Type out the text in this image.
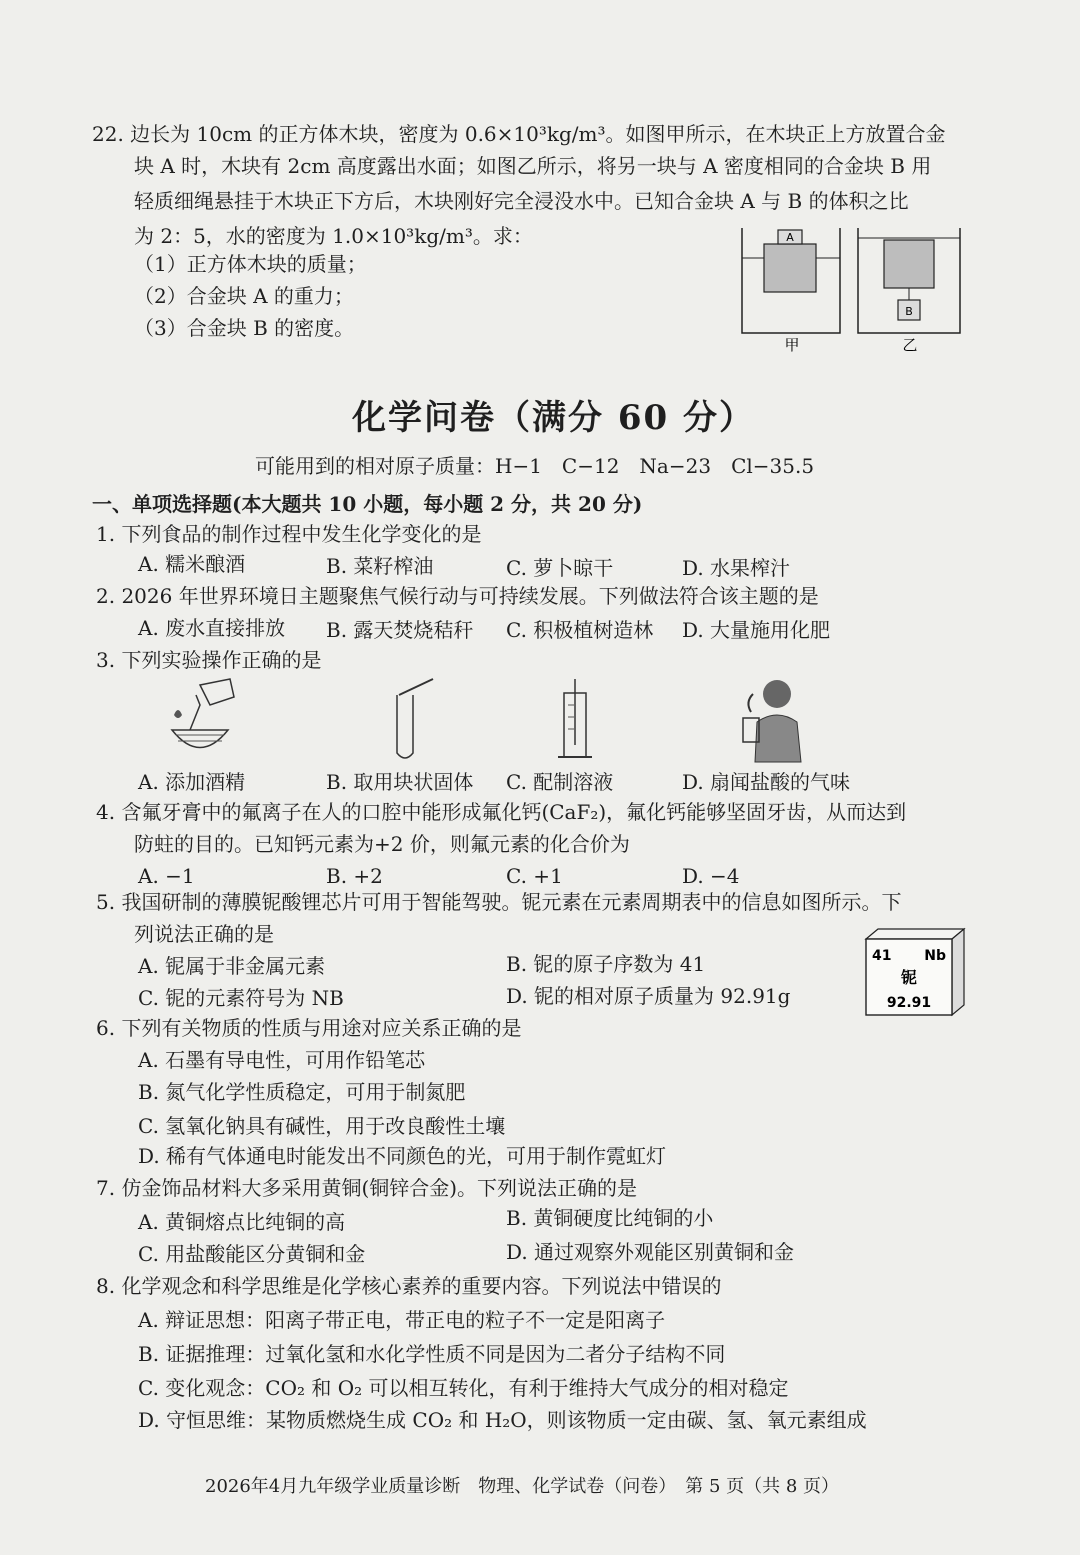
22. 边长为 10cm 的正方体木块，密度为 0.6×10³kg/m³。如图甲所示，在木块正上方放置合金
块 A 时，木块有 2cm 高度露出水面；如图乙所示，将另一块与 A 密度相同的合金块 B 用
轻质细绳悬挂于木块正下方后，木块刚好完全浸没水中。已知合金块 A 与 B 的体积之比
为 2：5，水的密度为 1.0×10³kg/m³。求：
（1）正方体木块的质量；
（2）合金块 A 的重力；
（3）合金块 B 的密度。
A
甲
B
乙
化学问卷（满分 60 分）
可能用到的相对原子质量：H−1　C−12　Na−23　Cl−35.5
一、单项选择题(本大题共 10 小题，每小题 2 分，共 20 分)
1. 下列食品的制作过程中发生化学变化的是
A. 糯米酿酒	B. 菜籽榨油	C. 萝卜晾干	D. 水果榨汁
2. 2026 年世界环境日主题聚焦气候行动与可持续发展。下列做法符合该主题的是
A. 废水直接排放 B. 露天焚烧秸秆 C. 积极植树造林 D. 大量施用化肥
3. 下列实验操作正确的是
A. 添加酒精	B. 取用块状固体 C. 配制溶液	D. 扇闻盐酸的气味
4. 含氟牙膏中的氟离子在人的口腔中能形成氟化钙(CaF₂)，氟化钙能够坚固牙齿，从而达到
防蛀的目的。已知钙元素为+2 价，则氟元素的化合价为
A. −1	B. +2	C. +1	D. −4
5. 我国研制的薄膜铌酸锂芯片可用于智能驾驶。铌元素在元素周期表中的信息如图所示。下
列说法正确的是
A. 铌属于非金属元素	B. 铌的原子序数为 41
C. 铌的元素符号为 NB	D. 铌的相对原子质量为 92.91g
41 Nb
铌
92.91
6. 下列有关物质的性质与用途对应关系正确的是
A. 石墨有导电性，可用作铅笔芯
B. 氮气化学性质稳定，可用于制氮肥
C. 氢氧化钠具有碱性，用于改良酸性土壤
D. 稀有气体通电时能发出不同颜色的光，可用于制作霓虹灯
7. 仿金饰品材料大多采用黄铜(铜锌合金)。下列说法正确的是
A. 黄铜熔点比纯铜的高	B. 黄铜硬度比纯铜的小
C. 用盐酸能区分黄铜和金	D. 通过观察外观能区别黄铜和金
8. 化学观念和科学思维是化学核心素养的重要内容。下列说法中错误的
A. 辩证思想：阳离子带正电，带正电的粒子不一定是阳离子
B. 证据推理：过氧化氢和水化学性质不同是因为二者分子结构不同
C. 变化观念：CO₂ 和 O₂ 可以相互转化，有利于维持大气成分的相对稳定
D. 守恒思维：某物质燃烧生成 CO₂ 和 H₂O，则该物质一定由碳、氢、氧元素组成
2026年4月九年级学业质量诊断　物理、化学试卷（问卷）　第 5 页（共 8 页）
